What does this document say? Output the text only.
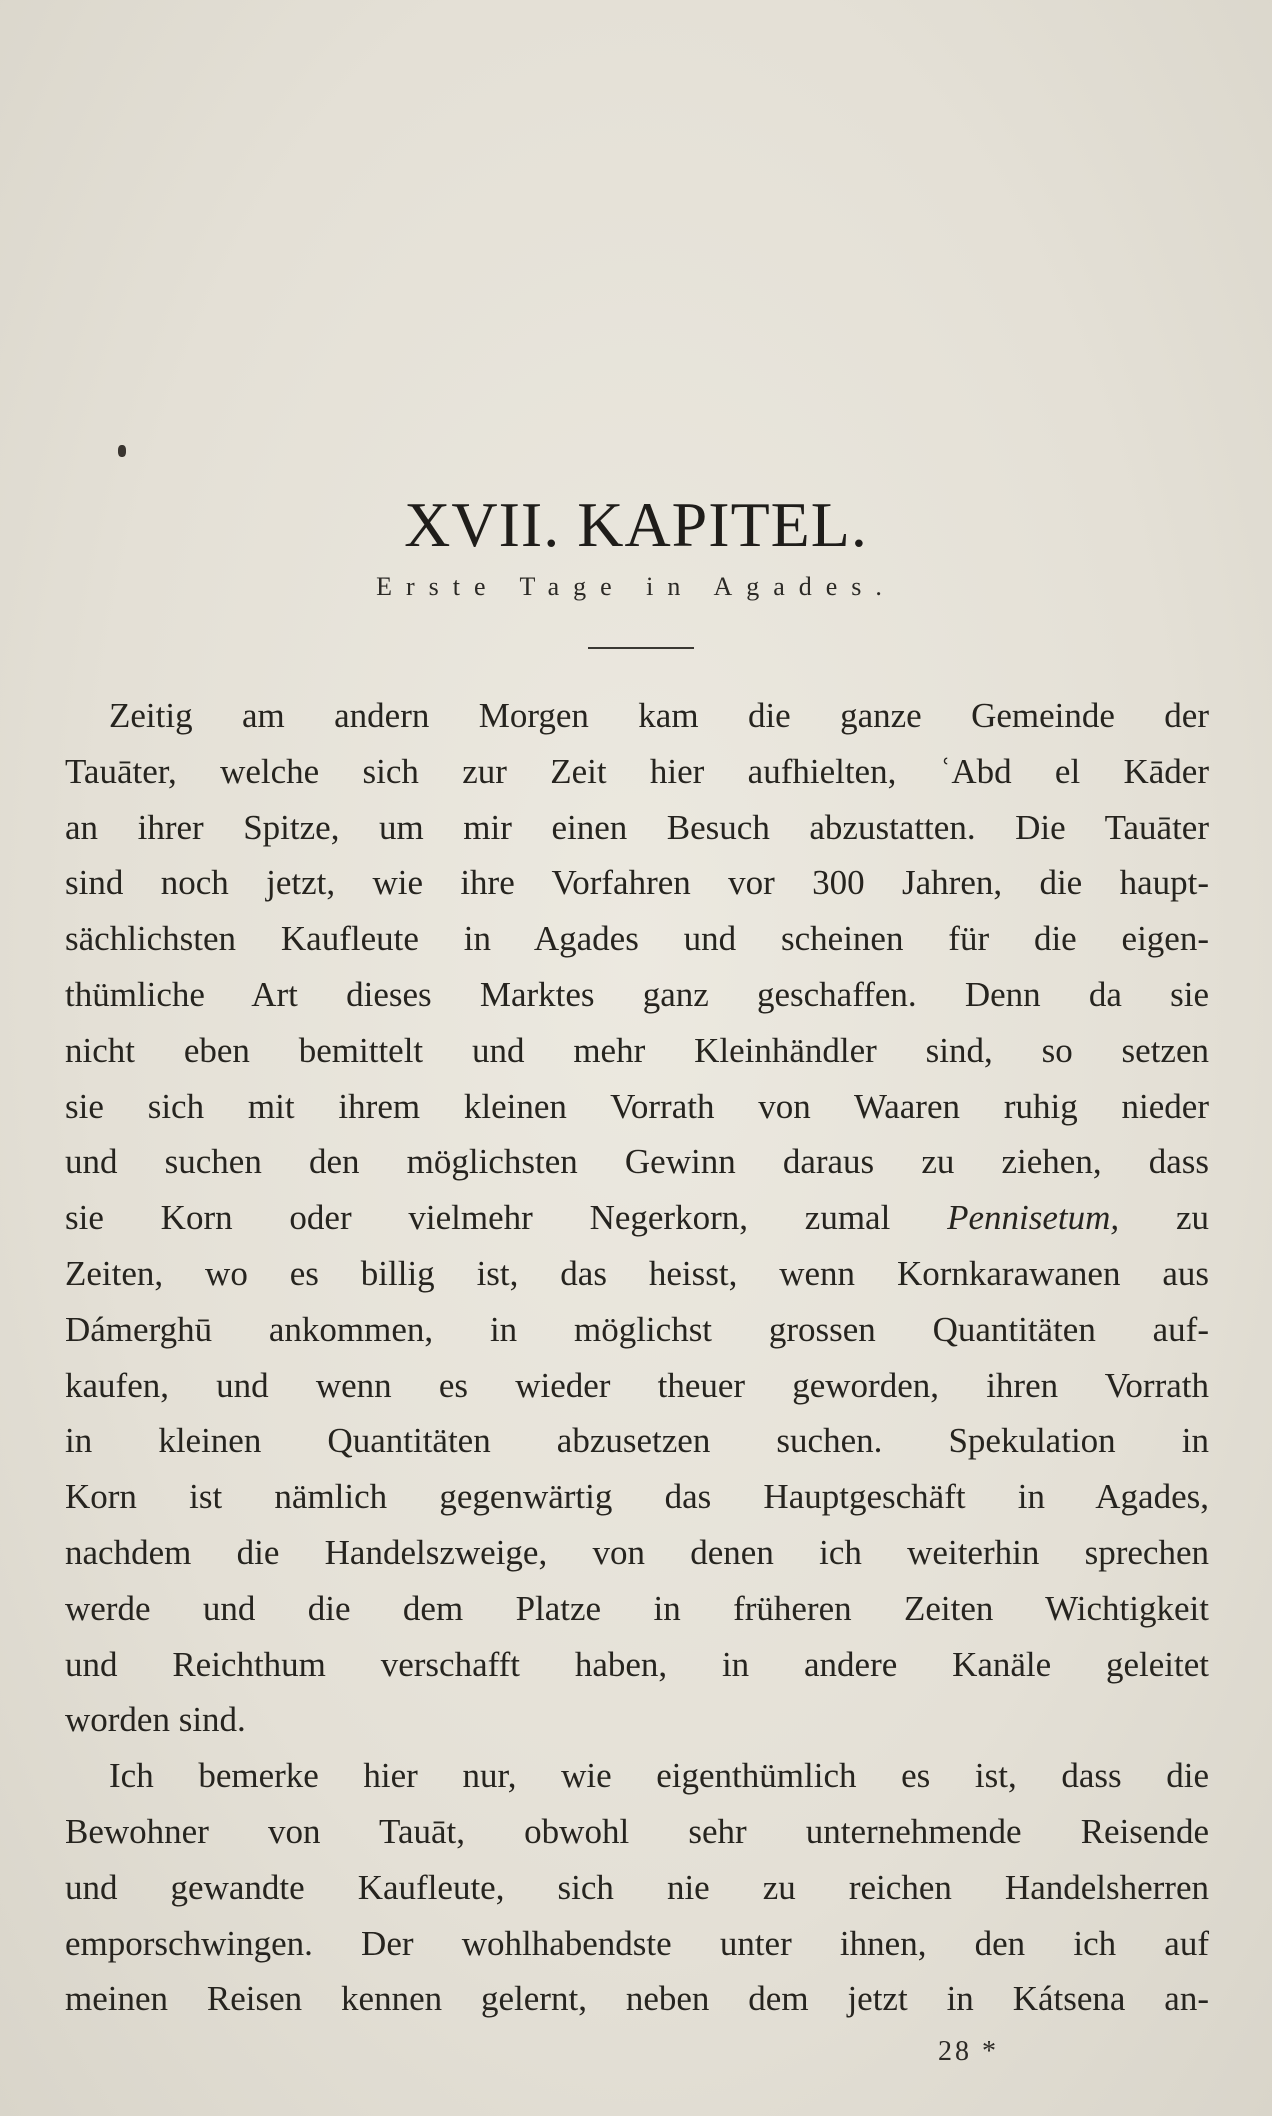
XVII. KAPITEL.
Erste Tage in Agades.
Zeitig am andern Morgen kam die ganze Gemeinde der
Tauāter, welche sich zur Zeit hier aufhielten, ʿAbd el Kāder
an ihrer Spitze, um mir einen Besuch abzustatten. Die Tauāter
sind noch jetzt, wie ihre Vorfahren vor 300 Jahren, die haupt-
sächlichsten Kaufleute in Agades und scheinen für die eigen-
thümliche Art dieses Marktes ganz geschaffen. Denn da sie
nicht eben bemittelt und mehr Kleinhändler sind, so setzen
sie sich mit ihrem kleinen Vorrath von Waaren ruhig nieder
und suchen den möglichsten Gewinn daraus zu ziehen, dass
sie Korn oder vielmehr Negerkorn, zumal Pennisetum, zu
Zeiten, wo es billig ist, das heisst, wenn Kornkarawanen aus
Dámerghū ankommen, in möglichst grossen Quantitäten auf-
kaufen, und wenn es wieder theuer geworden, ihren Vorrath
in kleinen Quantitäten abzusetzen suchen. Spekulation in
Korn ist nämlich gegenwärtig das Hauptgeschäft in Agades,
nachdem die Handelszweige, von denen ich weiterhin sprechen
werde und die dem Platze in früheren Zeiten Wichtigkeit
und Reichthum verschafft haben, in andere Kanäle geleitet
worden sind.
Ich bemerke hier nur, wie eigenthümlich es ist, dass die
Bewohner von Tauāt, obwohl sehr unternehmende Reisende
und gewandte Kaufleute, sich nie zu reichen Handelsherren
emporschwingen. Der wohlhabendste unter ihnen, den ich auf
meinen Reisen kennen gelernt, neben dem jetzt in Kátsena an-
28 *
